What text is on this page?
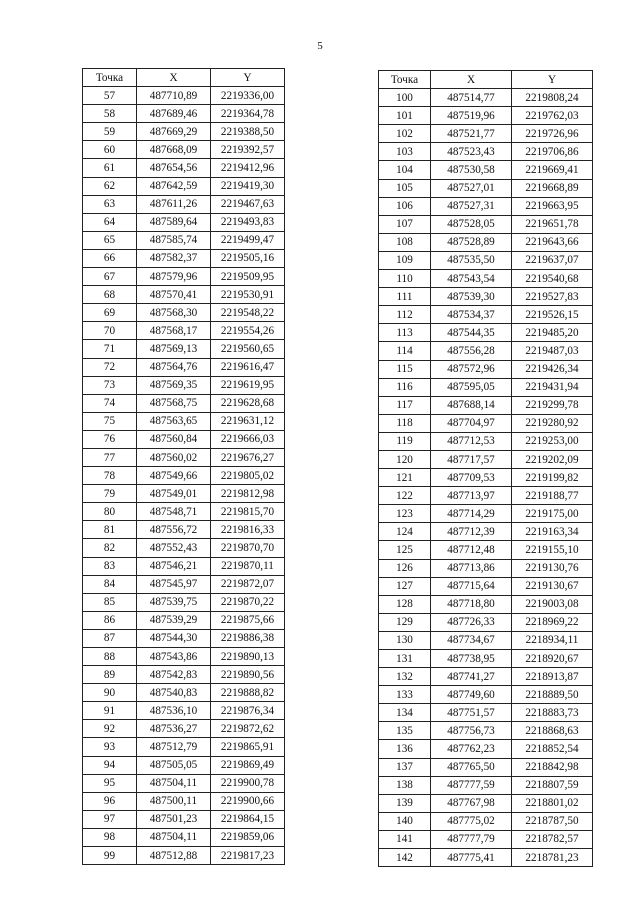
5
Точка	X	Y
57	487710,89	2219336,00
58	487689,46	2219364,78
59	487669,29	2219388,50
60	487668,09	2219392,57
61	487654,56	2219412,96
62	487642,59	2219419,30
63	487611,26	2219467,63
64	487589,64	2219493,83
65	487585,74	2219499,47
66	487582,37	2219505,16
67	487579,96	2219509,95
68	487570,41	2219530,91
69	487568,30	2219548,22
70	487568,17	2219554,26
71	487569,13	2219560,65
72	487564,76	2219616,47
73	487569,35	2219619,95
74	487568,75	2219628,68
75	487563,65	2219631,12
76	487560,84	2219666,03
77	487560,02	2219676,27
78	487549,66	2219805,02
79	487549,01	2219812,98
80	487548,71	2219815,70
81	487556,72	2219816,33
82	487552,43	2219870,70
83	487546,21	2219870,11
84	487545,97	2219872,07
85	487539,75	2219870,22
86	487539,29	2219875,66
87	487544,30	2219886,38
88	487543,86	2219890,13
89	487542,83	2219890,56
90	487540,83	2219888,82
91	487536,10	2219876,34
92	487536,27	2219872,62
93	487512,79	2219865,91
94	487505,05	2219869,49
95	487504,11	2219900,78
96	487500,11	2219900,66
97	487501,23	2219864,15
98	487504,11	2219859,06
99	487512,88	2219817,23
Точка	X	Y
100	487514,77	2219808,24
101	487519,96	2219762,03
102	487521,77	2219726,96
103	487523,43	2219706,86
104	487530,58	2219669,41
105	487527,01	2219668,89
106	487527,31	2219663,95
107	487528,05	2219651,78
108	487528,89	2219643,66
109	487535,50	2219637,07
110	487543,54	2219540,68
111	487539,30	2219527,83
112	487534,37	2219526,15
113	487544,35	2219485,20
114	487556,28	2219487,03
115	487572,96	2219426,34
116	487595,05	2219431,94
117	487688,14	2219299,78
118	487704,97	2219280,92
119	487712,53	2219253,00
120	487717,57	2219202,09
121	487709,53	2219199,82
122	487713,97	2219188,77
123	487714,29	2219175,00
124	487712,39	2219163,34
125	487712,48	2219155,10
126	487713,86	2219130,76
127	487715,64	2219130,67
128	487718,80	2219003,08
129	487726,33	2218969,22
130	487734,67	2218934,11
131	487738,95	2218920,67
132	487741,27	2218913,87
133	487749,60	2218889,50
134	487751,57	2218883,73
135	487756,73	2218868,63
136	487762,23	2218852,54
137	487765,50	2218842,98
138	487777,59	2218807,59
139	487767,98	2218801,02
140	487775,02	2218787,50
141	487777,79	2218782,57
142	487775,41	2218781,23
